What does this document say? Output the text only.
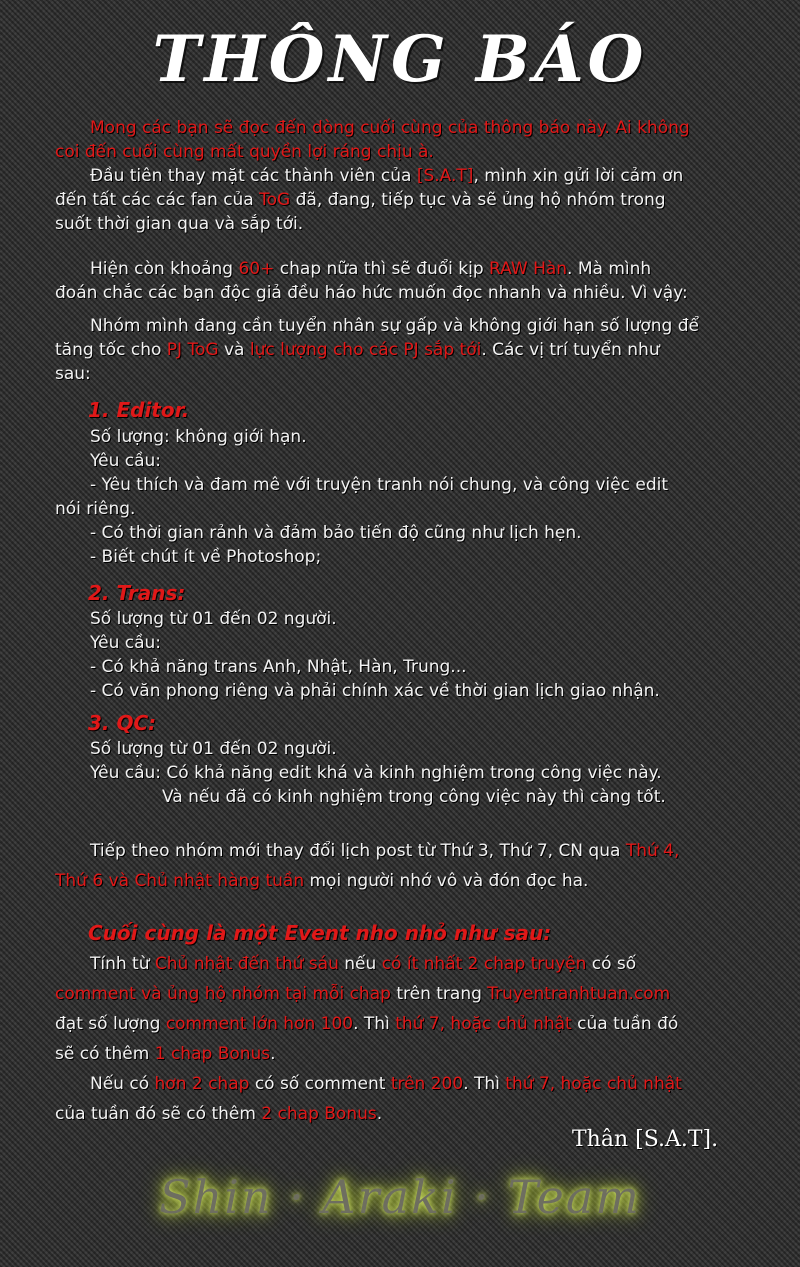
THÔNG BÁO
Mong các bạn sẽ đọc đến dòng cuối cùng của thông báo này. Ai không
coi đến cuối cùng mất quyền lợi ráng chịu à.
Đầu tiên thay mặt các thành viên của [S.A.T], mình xin gửi lời cảm ơn
đến tất các các fan của ToG đã, đang, tiếp tục và sẽ ủng hộ nhóm trong
suốt thời gian qua và sắp tới.
Hiện còn khoảng 60+ chap nữa thì sẽ đuổi kịp RAW Hàn. Mà mình
đoán chắc các bạn độc giả đều háo hức muốn đọc nhanh và nhiều. Vì vậy:
Nhóm mình đang cần tuyển nhân sự gấp và không giới hạn số lượng để
tăng tốc cho PJ ToG và lực lượng cho các PJ sắp tới. Các vị trí tuyển như
sau:
1. Editor.
Số lượng: không giới hạn.
Yêu cầu:
- Yêu thích và đam mê với truyện tranh nói chung, và công việc edit
nói riêng.
- Có thời gian rảnh và đảm bảo tiến độ cũng như lịch hẹn.
- Biết chút ít về Photoshop;
2. Trans:
Số lượng từ 01 đến 02 người.
Yêu cầu:
- Có khả năng trans Anh, Nhật, Hàn, Trung...
- Có văn phong riêng và phải chính xác về thời gian lịch giao nhận.
3. QC:
Số lượng từ 01 đến 02 người.
Yêu cầu: Có khả năng edit khá và kinh nghiệm trong công việc này.
Và nếu đã có kinh nghiệm trong công việc này thì càng tốt.
Tiếp theo nhóm mới thay đổi lịch post từ Thứ 3, Thứ 7, CN qua Thứ 4,
Thứ 6 và Chủ nhật hàng tuần mọi người nhớ vô và đón đọc ha.
Cuối cùng là một Event nho nhỏ như sau:
Tính từ Chủ nhật đến thứ sáu nếu có ít nhất 2 chap truyện có số
comment và ủng hộ nhóm tại mỗi chap trên trang Truyentranhtuan.com
đạt số lượng comment lớn hơn 100. Thì thứ 7, hoặc chủ nhật của tuần đó
sẽ có thêm 1 chap Bonus.
Nếu có hơn 2 chap có số comment trên 200. Thì thứ 7, hoặc chủ nhật
của tuần đó sẽ có thêm 2 chap Bonus.
Thân [S.A.T].
Shin · Araki · Team
